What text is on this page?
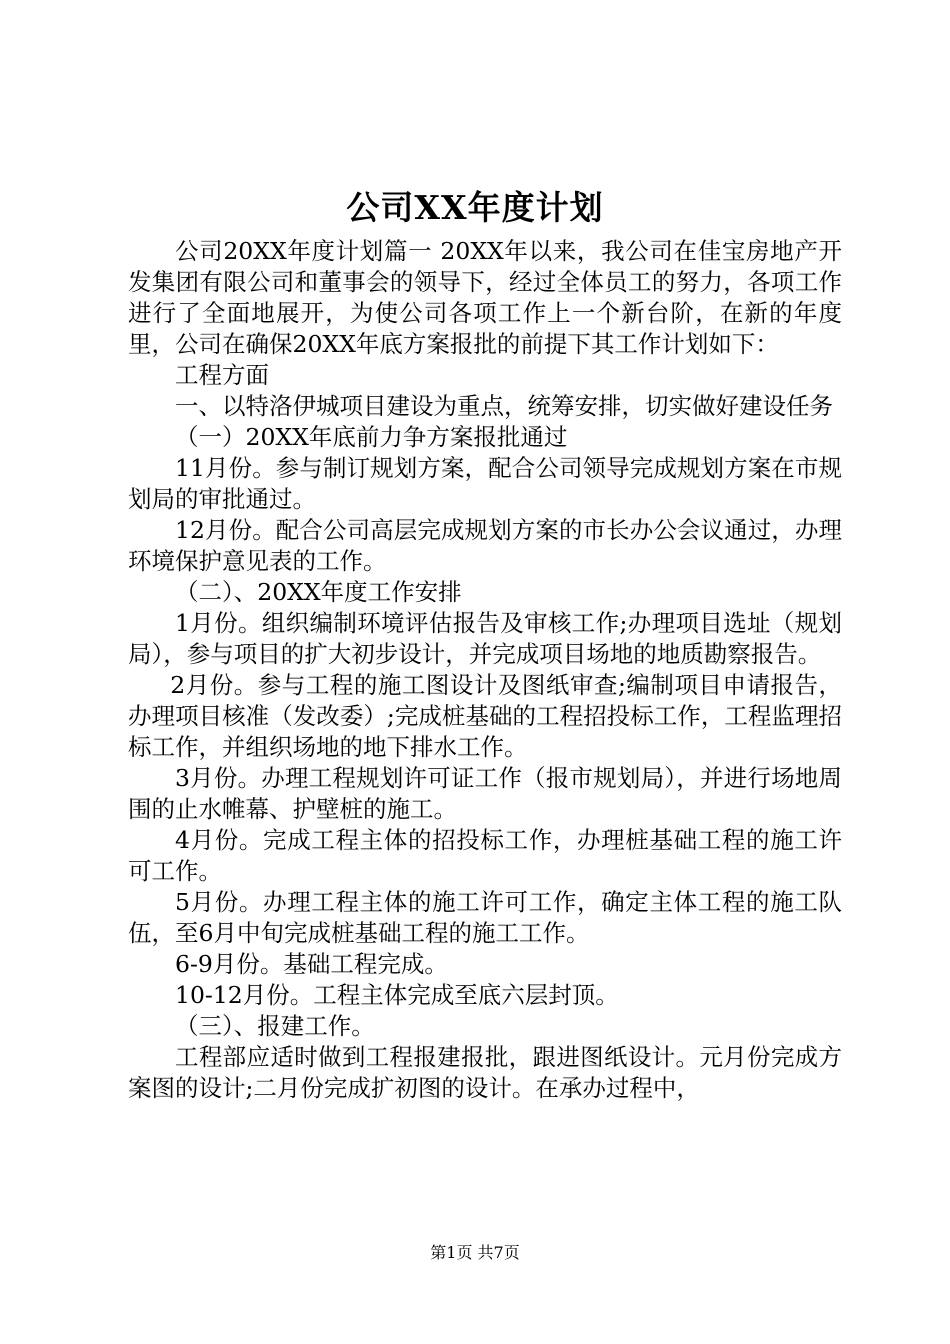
公司XX年度计划

公司20XX年度计划篇一 20XX年以来，我公司在佳宝房地产开发集团有限公司和董事会的领导下，经过全体员工的努力，各项工作进行了全面地展开，为使公司各项工作上一个新台阶，在新的年度里，公司在确保20XX年底方案报批的前提下其工作计划如下：

工程方面

一、以特洛伊城项目建设为重点，统筹安排，切实做好建设任务

（一）20XX年底前力争方案报批通过

11月份。参与制订规划方案，配合公司领导完成规划方案在市规划局的审批通过。

12月份。配合公司高层完成规划方案的市长办公会议通过，办理环境保护意见表的工作。

（二）、20XX年度工作安排

1月份。组织编制环境评估报告及审核工作;办理项目选址（规划局），参与项目的扩大初步设计，并完成项目场地的地质勘察报告。

2月份。参与工程的施工图设计及图纸审查;编制项目申请报告，办理项目核准（发改委）;完成桩基础的工程招投标工作，工程监理招标工作，并组织场地的地下排水工作。

3月份。办理工程规划许可证工作（报市规划局），并进行场地周围的止水帷幕、护壁桩的施工。

4月份。完成工程主体的招投标工作，办理桩基础工程的施工许可工作。

5月份。办理工程主体的施工许可工作，确定主体工程的施工队伍，至6月中旬完成桩基础工程的施工工作。

6-9月份。基础工程完成。

10-12月份。工程主体完成至底六层封顶。

（三）、报建工作。

工程部应适时做到工程报建报批，跟进图纸设计。元月份完成方案图的设计;二月份完成扩初图的设计。在承办过程中，

第1页 共7页
